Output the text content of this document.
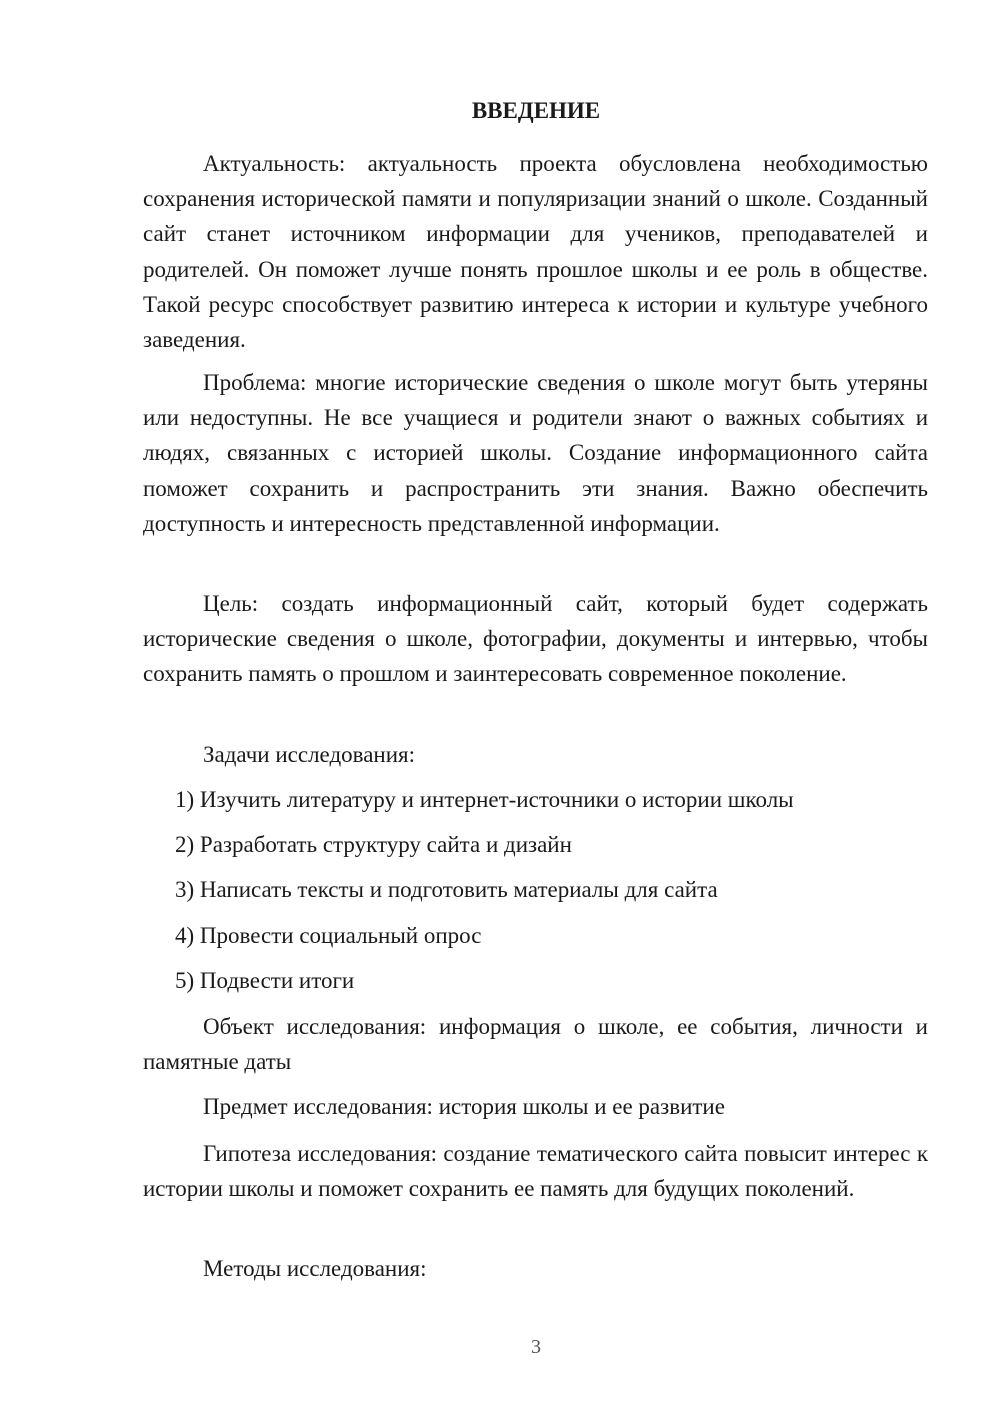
ВВЕДЕНИЕ

Актуальность: актуальность проекта обусловлена необходимостью сохранения исторической памяти и популяризации знаний о школе. Созданный сайт станет источником информации для учеников, преподавателей и родителей. Он поможет лучше понять прошлое школы и ее роль в обществе. Такой ресурс способствует развитию интереса к истории и культуре учебного заведения.

Проблема: многие исторические сведения о школе могут быть утеряны или недоступны. Не все учащиеся и родители знают о важных событиях и людях, связанных с историей школы. Создание информационного сайта поможет сохранить и распространить эти знания. Важно обеспечить доступность и интересность представленной информации.

Цель: создать информационный сайт, который будет содержать исторические сведения о школе, фотографии, документы и интервью, чтобы сохранить память о прошлом и заинтересовать современное поколение.

Задачи исследования:

1) Изучить литературу и интернет-источники о истории школы

2) Разработать структуру сайта и дизайн

3) Написать тексты и подготовить материалы для сайта

4) Провести социальный опрос

5) Подвести итоги

Объект исследования: информация о школе, ее события, личности и памятные даты

Предмет исследования: история школы и ее развитие

Гипотеза исследования: создание тематического сайта повысит интерес к истории школы и поможет сохранить ее память для будущих поколений.

Методы исследования:

3
